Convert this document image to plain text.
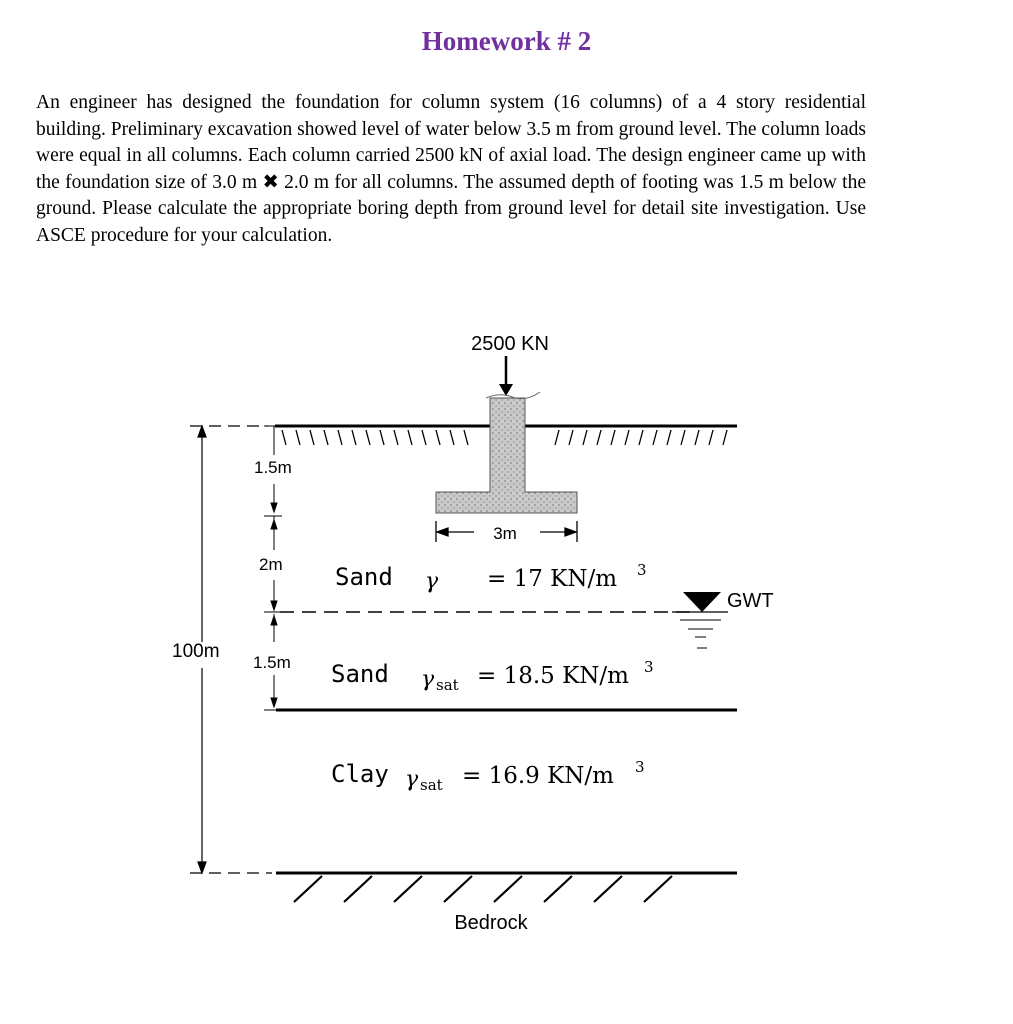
Homework # 2

An engineer has designed the foundation for column system (16 columns) of a 4 story residential building. Preliminary excavation showed level of water below 3.5 m from ground level. The column loads were equal in all columns. Each column carried 2500 kN of axial load. The design engineer came up with the foundation size of 3.0 m ✖ 2.0 m for all columns. The assumed depth of footing was 1.5 m below the ground. Please calculate the appropriate boring depth from ground level for detail site investigation. Use ASCE procedure for your calculation.

2500 KN
3m
1.5m
2m
1.5m
100m
GWT
Sand γ = 17 KN/m 3
Sand γ sat = 18.5 KN/m 3
Clay γ sat = 16.9 KN/m 3
Bedrock
